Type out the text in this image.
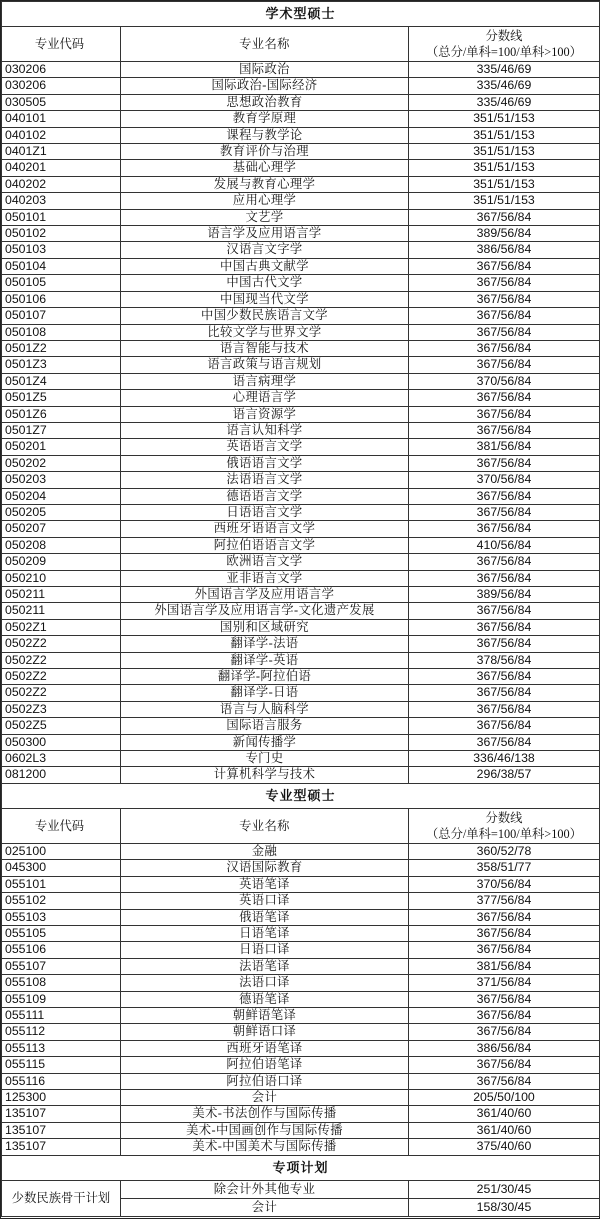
学术型硕士		
专业代码	专业名称	分数线
（总分/单科=100/单科>100）

030206	国际政治	335/46/69
030206	国际政治-国际经济	335/46/69
030505	思想政治教育	335/46/69
040101	教育学原理	351/51/153
040102	课程与教学论	351/51/153
0401Z1	教育评价与治理	351/51/153
040201	基础心理学	351/51/153
040202	发展与教育心理学	351/51/153
040203	应用心理学	351/51/153
050101	文艺学	367/56/84
050102	语言学及应用语言学	389/56/84
050103	汉语言文字学	386/56/84
050104	中国古典文献学	367/56/84
050105	中国古代文学	367/56/84
050106	中国现当代文学	367/56/84
050107	中国少数民族语言文学	367/56/84
050108	比较文学与世界文学	367/56/84
0501Z2	语言智能与技术	367/56/84
0501Z3	语言政策与语言规划	367/56/84
0501Z4	语言病理学	370/56/84
0501Z5	心理语言学	367/56/84
0501Z6	语言资源学	367/56/84
0501Z7	语言认知科学	367/56/84
050201	英语语言文学	381/56/84
050202	俄语语言文学	367/56/84
050203	法语语言文学	370/56/84
050204	德语语言文学	367/56/84
050205	日语语言文学	367/56/84
050207	西班牙语语言文学	367/56/84
050208	阿拉伯语语言文学	410/56/84
050209	欧洲语言文学	367/56/84
050210	亚非语言文学	367/56/84
050211	外国语言学及应用语言学	389/56/84
050211	外国语言学及应用语言学-文化遗产发展	367/56/84
0502Z1	国别和区域研究	367/56/84
0502Z2	翻译学-法语	367/56/84
0502Z2	翻译学-英语	378/56/84
0502Z2	翻译学-阿拉伯语	367/56/84
0502Z2	翻译学-日语	367/56/84
0502Z3	语言与人脑科学	367/56/84
0502Z5	国际语言服务	367/56/84
050300	新闻传播学	367/56/84
0602L3	专门史	336/46/138
081200	计算机科学与技术	296/38/57
专业型硕士		
专业代码	专业名称	分数线
（总分/单科=100/单科>100）

025100	金融	360/52/78
045300	汉语国际教育	358/51/77
055101	英语笔译	370/56/84
055102	英语口译	377/56/84
055103	俄语笔译	367/56/84
055105	日语笔译	367/56/84
055106	日语口译	367/56/84
055107	法语笔译	381/56/84
055108	法语口译	371/56/84
055109	德语笔译	367/56/84
055111	朝鲜语笔译	367/56/84
055112	朝鲜语口译	367/56/84
055113	西班牙语笔译	386/56/84
055115	阿拉伯语笔译	367/56/84
055116	阿拉伯语口译	367/56/84
125300	会计	205/50/100
135107	美术-书法创作与国际传播	361/40/60
135107	美术-中国画创作与国际传播	361/40/60
135107	美术-中国美术与国际传播	375/40/60
专项计划		
少数民族骨干计划	除会计外其他专业	251/30/45
	会计	158/30/45
